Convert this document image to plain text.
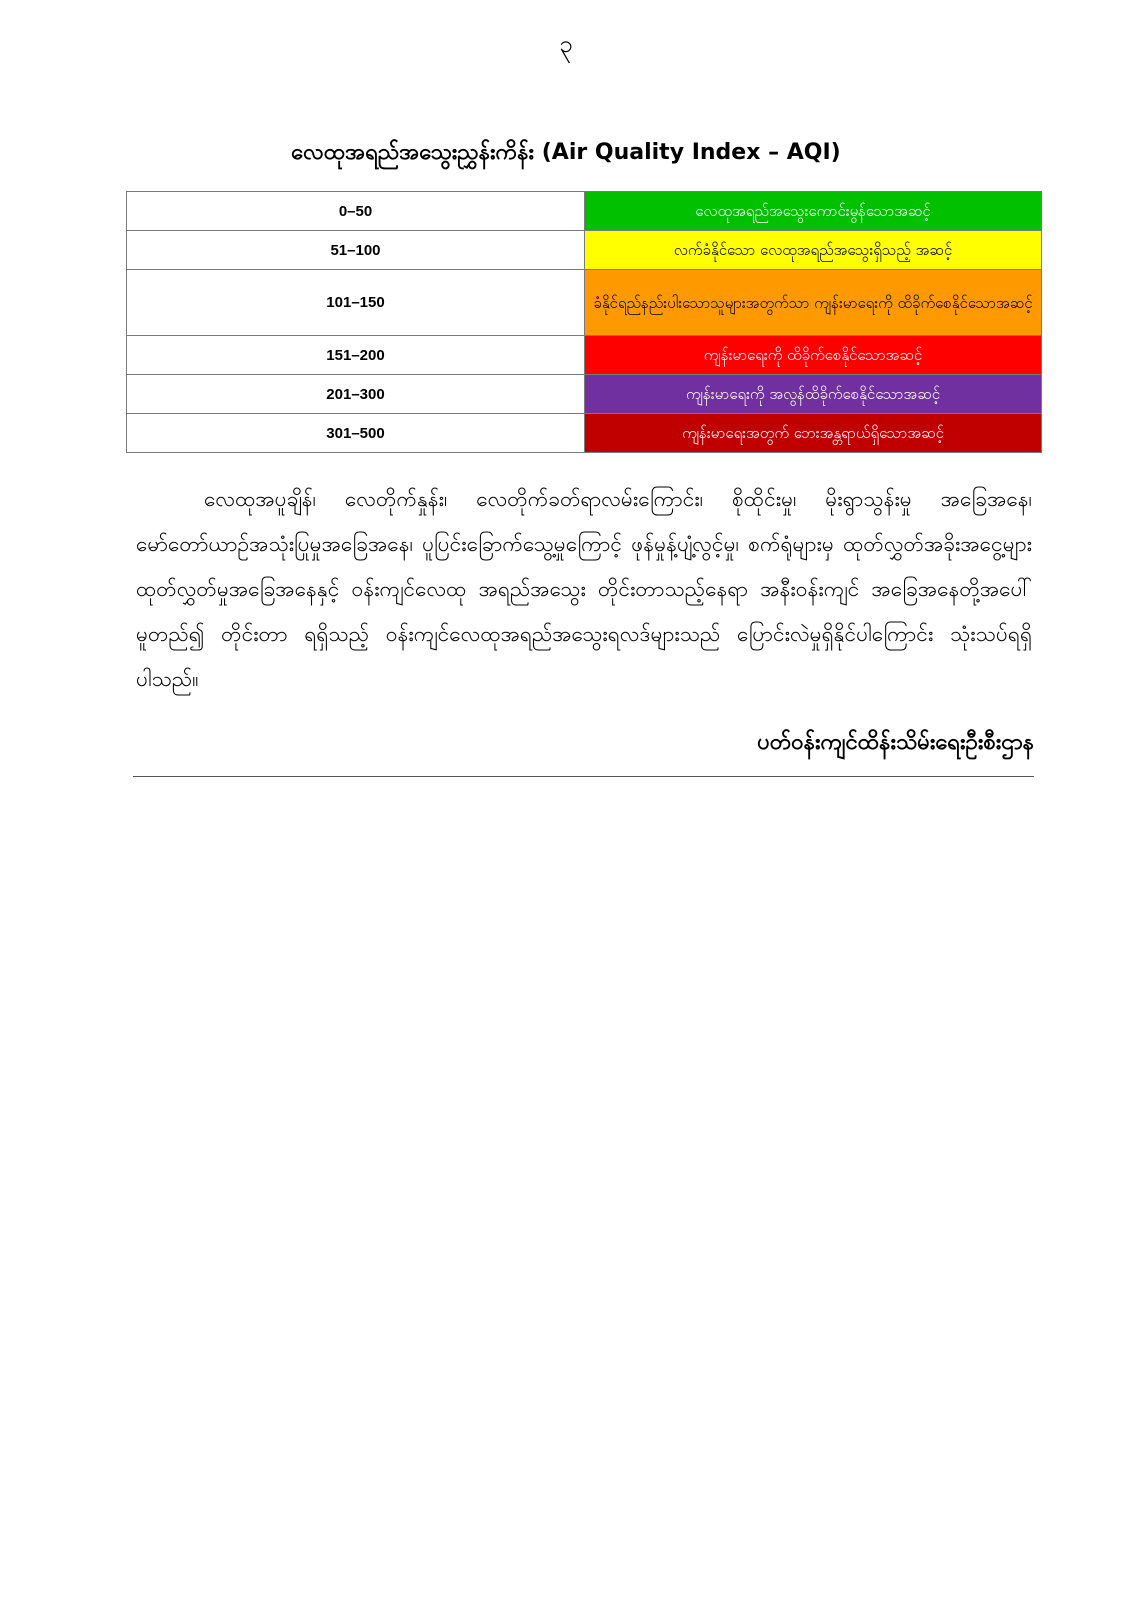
၃
လေထုအရည်အသွေးညွှန်းကိန်း (Air Quality Index – AQI)
0–50	လေထုအရည်အသွေးကောင်းမွန်သောအဆင့်
51–100	လက်ခံနိုင်သော လေထုအရည်အသွေးရှိသည့် အဆင့်
101–150	ခံနိုင်ရည်နည်းပါးသောသူများအတွက်သာ ကျန်းမာရေးကို ထိခိုက်စေနိုင်သောအဆင့်
151–200	ကျန်းမာရေးကို ထိခိုက်စေနိုင်သောအဆင့်
201–300	ကျန်းမာရေးကို အလွန်ထိခိုက်စေနိုင်သောအဆင့်
301–500	ကျန်းမာရေးအတွက် ဘေးအန္တရာယ်ရှိသောအဆင့်

လေထုအပူချိန်၊ လေတိုက်နှုန်း၊ လေတိုက်ခတ်ရာလမ်းကြောင်း၊ စိုထိုင်းမှု၊ မိုးရွာသွန်းမှု အခြေအနေ၊ မော်တော်ယာဉ်အသုံးပြုမှုအခြေအနေ၊ ပူပြင်းခြောက်သွေ့မှုကြောင့် ဖုန်မှုန့်ပျံ့လွင့်မှု၊ စက်ရုံများမှ ထုတ်လွှတ်အခိုးအငွေ့များ ထုတ်လွှတ်မှုအခြေအနေနှင့် ဝန်းကျင်လေထု အရည်အသွေး တိုင်းတာသည့်နေရာ အနီးဝန်းကျင် အခြေအနေတို့အပေါ်မူတည်၍ တိုင်းတာ ရရှိသည့် ဝန်းကျင်လေထုအရည်အသွေးရလဒ်များသည် ပြောင်းလဲမှုရှိနိုင်ပါကြောင်း သုံးသပ်ရရှိ ပါသည်။

ပတ်ဝန်းကျင်ထိန်းသိမ်းရေးဦးစီးဌာန
